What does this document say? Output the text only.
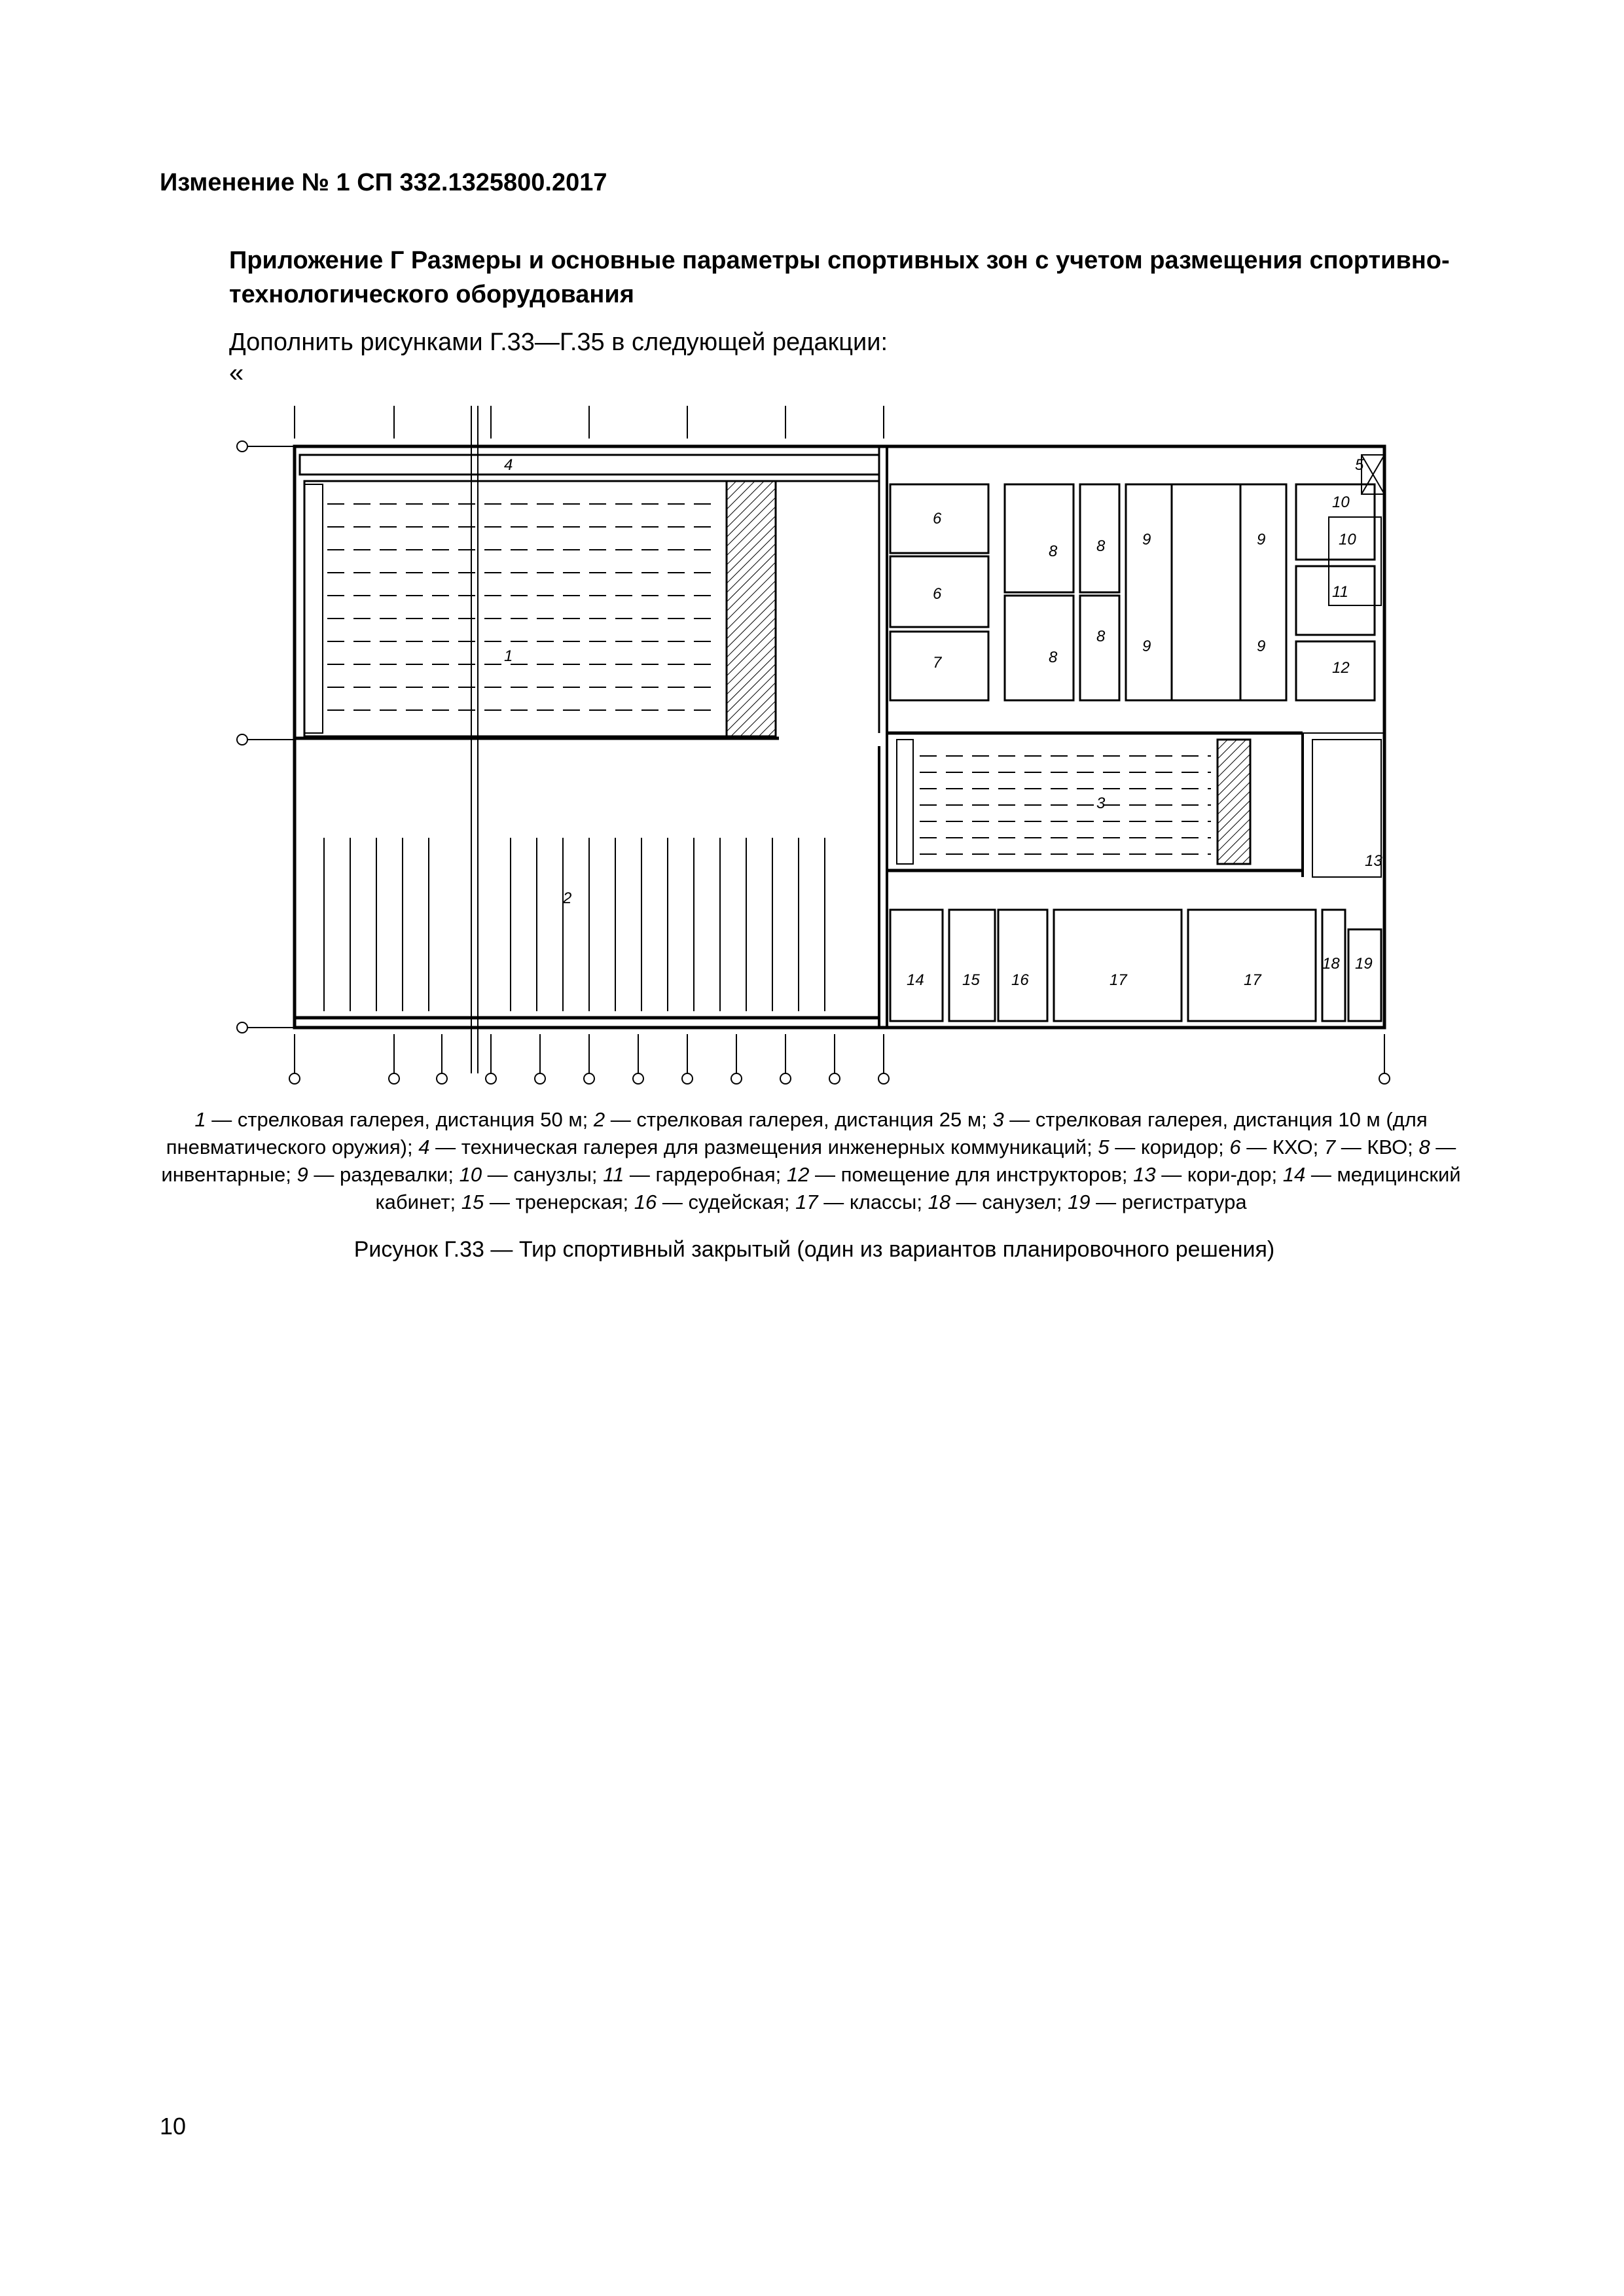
Изменение № 1 СП 332.1325800.2017
Приложение Г Размеры и основные параметры спортивных зон с учетом размещения спортивно-технологического оборудования
Дополнить рисунками Г.33—Г.35 в следующей редакции:
«
4
1
2
5
6
6
7
8
8
8
8
9
9
9
9
10
10
11
12
3
13
14 15 16	17	17
18 19
1 — стрелковая галерея, дистанция 50 м; 2 — стрелковая галерея, дистанция 25 м; 3 — стрелковая галерея, дистанция 10 м (для пневматического оружия); 4 — техническая галерея для размещения инженерных коммуникаций; 5 — коридор; 6 — КХО; 7 — КВО; 8 — инвентарные; 9 — раздевалки; 10 — санузлы; 11 — гардеробная; 12 — помещение для инструкторов; 13 — кори-дор; 14 — медицинский кабинет; 15 — тренерская; 16 — судейская; 17 — классы; 18 — санузел; 19 — регистратура
Рисунок Г.33 — Тир спортивный закрытый (один из вариантов планировочного решения)
10
